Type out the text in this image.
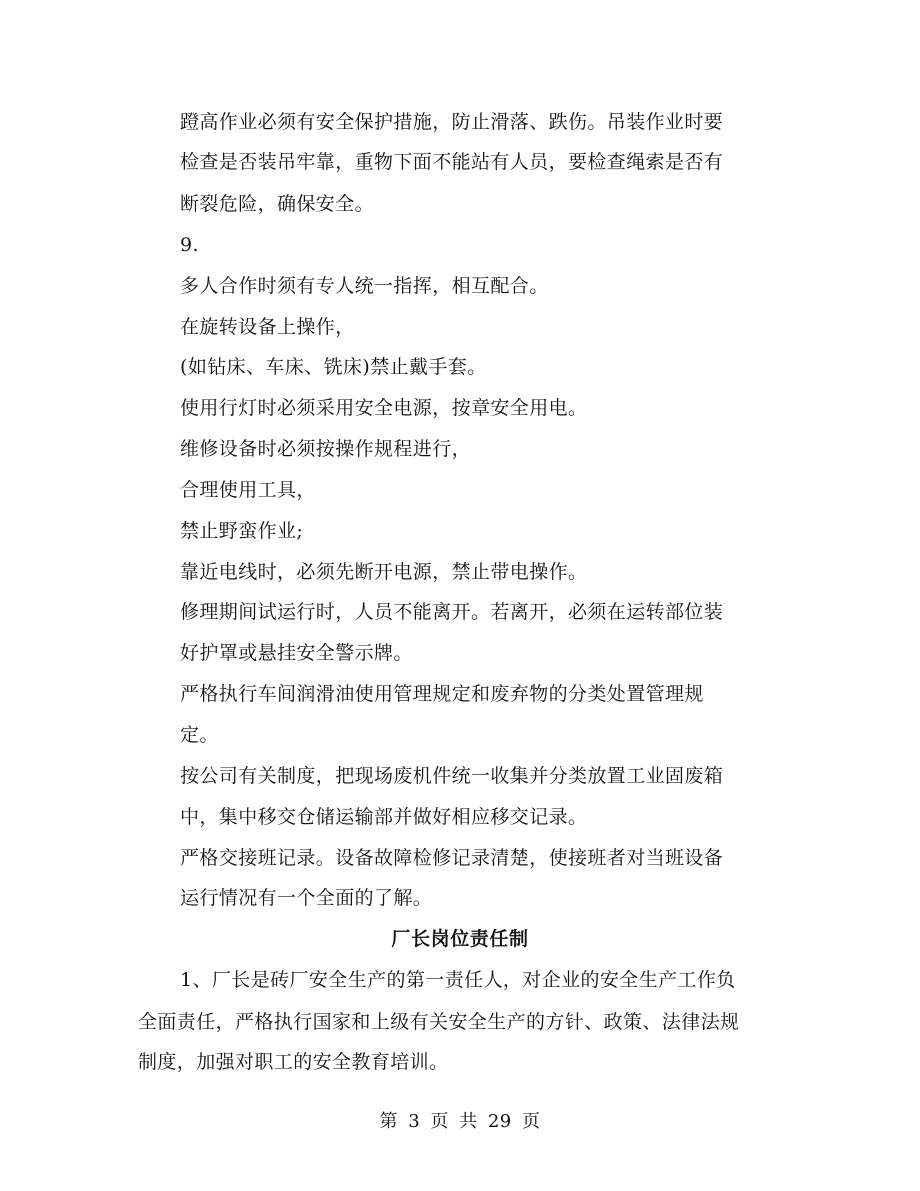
蹬高作业必须有安全保护措施，防止滑落、跌伤。吊装作业时要
检查是否装吊牢靠，重物下面不能站有人员，要检查绳索是否有
断裂危险，确保安全。
9.
多人合作时须有专人统一指挥，相互配合。
在旋转设备上操作，
(如钻床、车床、铣床)禁止戴手套。
使用行灯时必须采用安全电源，按章安全用电。
维修设备时必须按操作规程进行，
合理使用工具，
禁止野蛮作业;
靠近电线时，必须先断开电源，禁止带电操作。
修理期间试运行时，人员不能离开。若离开，必须在运转部位装
好护罩或悬挂安全警示牌。
严格执行车间润滑油使用管理规定和废弃物的分类处置管理规
定。
按公司有关制度，把现场废机件统一收集并分类放置工业固废箱
中，集中移交仓储运输部并做好相应移交记录。
严格交接班记录。设备故障检修记录清楚，使接班者对当班设备
运行情况有一个全面的了解。
厂长岗位责任制
1、厂长是砖厂安全生产的第一责任人，对企业的安全生产工作负
全面责任，严格执行国家和上级有关安全生产的方针、政策、法律法规
制度，加强对职工的安全教育培训。
第 3 页 共 29 页
